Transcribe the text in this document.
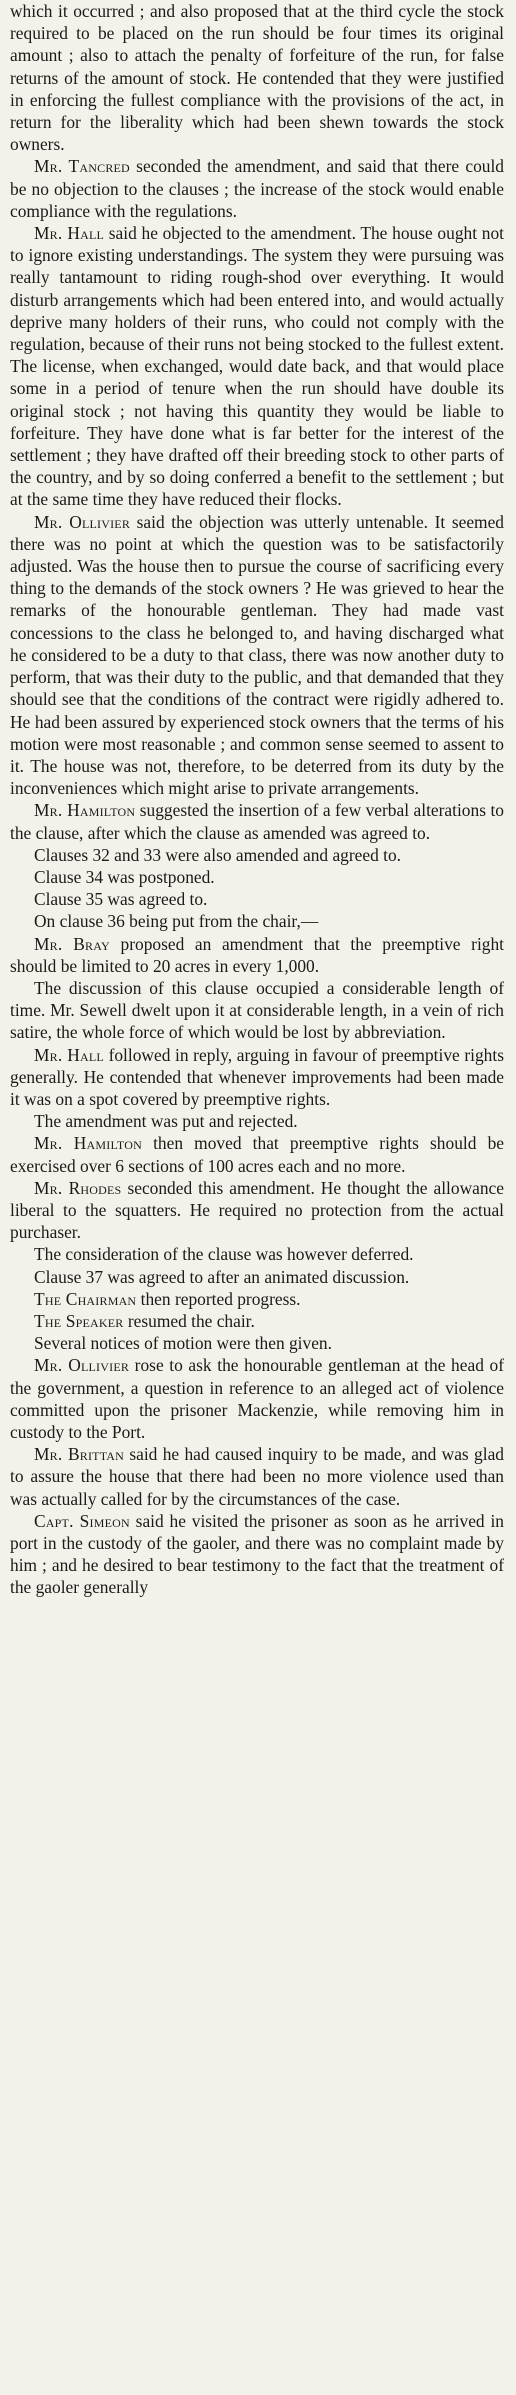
which it occurred ; and also proposed that at the third cycle the stock required to be placed on the run should be four times its original amount ; also to attach the penalty of forfeiture of the run, for false returns of the amount of stock. He contended that they were justified in enforcing the fullest compliance with the provisions of the act, in return for the liberality which had been shewn towards the stock owners.

Mr. Tancred seconded the amendment, and said that there could be no objection to the clauses ; the increase of the stock would enable compliance with the regulations.

Mr. Hall said he objected to the amendment. The house ought not to ignore existing understandings. The system they were pursuing was really tantamount to riding rough-shod over everything. It would disturb arrangements which had been entered into, and would actually deprive many holders of their runs, who could not comply with the regulation, because of their runs not being stocked to the fullest extent. The license, when exchanged, would date back, and that would place some in a period of tenure when the run should have double its original stock ; not having this quantity they would be liable to forfeiture. They have done what is far better for the interest of the settlement ; they have drafted off their breeding stock to other parts of the country, and by so doing conferred a benefit to the settlement ; but at the same time they have reduced their flocks.

Mr. Ollivier said the objection was utterly untenable. It seemed there was no point at which the question was to be satisfactorily adjusted. Was the house then to pursue the course of sacrificing every thing to the demands of the stock owners ? He was grieved to hear the remarks of the honourable gentleman. They had made vast concessions to the class he belonged to, and having discharged what he considered to be a duty to that class, there was now another duty to perform, that was their duty to the public, and that demanded that they should see that the conditions of the contract were rigidly adhered to. He had been assured by experienced stock owners that the terms of his motion were most reasonable ; and common sense seemed to assent to it. The house was not, therefore, to be deterred from its duty by the inconveniences which might arise to private arrangements.

Mr. Hamilton suggested the insertion of a few verbal alterations to the clause, after which the clause as amended was agreed to.

Clauses 32 and 33 were also amended and agreed to.

Clause 34 was postponed.

Clause 35 was agreed to.

On clause 36 being put from the chair,—

Mr. Bray proposed an amendment that the preemptive right should be limited to 20 acres in every 1,000.

The discussion of this clause occupied a considerable length of time. Mr. Sewell dwelt upon it at considerable length, in a vein of rich satire, the whole force of which would be lost by abbreviation.

Mr. Hall followed in reply, arguing in favour of preemptive rights generally. He contended that whenever improvements had been made it was on a spot covered by preemptive rights.

The amendment was put and rejected.

Mr. Hamilton then moved that preemptive rights should be exercised over 6 sections of 100 acres each and no more.

Mr. Rhodes seconded this amendment. He thought the allowance liberal to the squatters. He required no protection from the actual purchaser.

The consideration of the clause was however deferred.

Clause 37 was agreed to after an animated discussion.

The Chairman then reported progress.

The Speaker resumed the chair.

Several notices of motion were then given.

Mr. Ollivier rose to ask the honourable gentleman at the head of the government, a question in reference to an alleged act of violence committed upon the prisoner Mackenzie, while removing him in custody to the Port.

Mr. Brittan said he had caused inquiry to be made, and was glad to assure the house that there had been no more violence used than was actually called for by the circumstances of the case.

Capt. Simeon said he visited the prisoner as soon as he arrived in port in the custody of the gaoler, and there was no complaint made by him ; and he desired to bear testimony to the fact that the treatment of the gaoler generally
